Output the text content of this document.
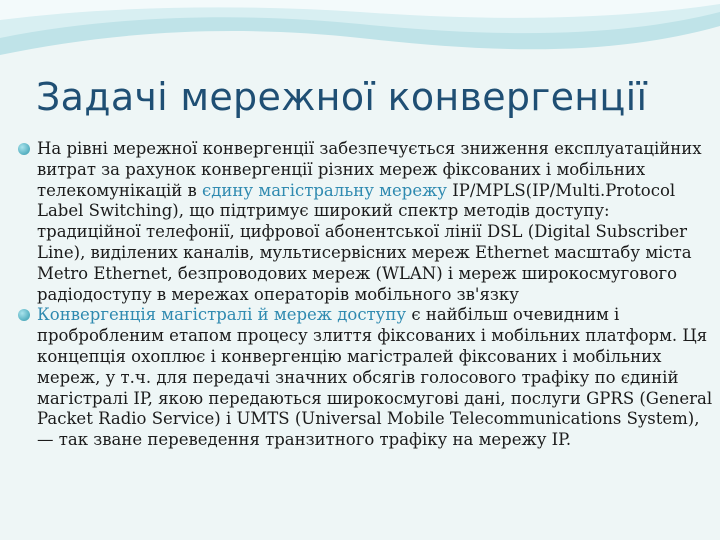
Задачі мережної конвергенції

На рівні мережної конвергенції забезпечується зниження експлуатаційних витрат за рахунок конвергенції різних мереж фіксованих і мобільних телекомунікацій в єдину магістральну мережу IP/MPLS(IP/Multi.Protocol Label Switching), що підтримує широкий спектр методів доступу: традиційної телефонії, цифрової абонентської лінії DSL (Digital Subscriber Line), виділених каналів, мультисервісних мереж Ethernet масштабу міста Metro Ethernet, безпроводових мереж (WLAN) і мереж широкосмугового радіодоступу в мережах операторів мобільного зв'язку

Конвергенція магістралі й мереж доступу є найбільш очевидним і пробробленим етапом процесу злиття фіксованих і мобільних платформ. Ця концепція охоплює і конвергенцію магістралей фіксованих і мобільних мереж, у т.ч. для передачі значних обсягів голосового трафіку по єдиній магістралі IP, якою передаються широкосмугові дані, послуги GPRS (General Packet Radio Service) і UMTS (Universal Mobile Telecommunications System), — так зване переведення транзитного трафіку на мережу IP.
